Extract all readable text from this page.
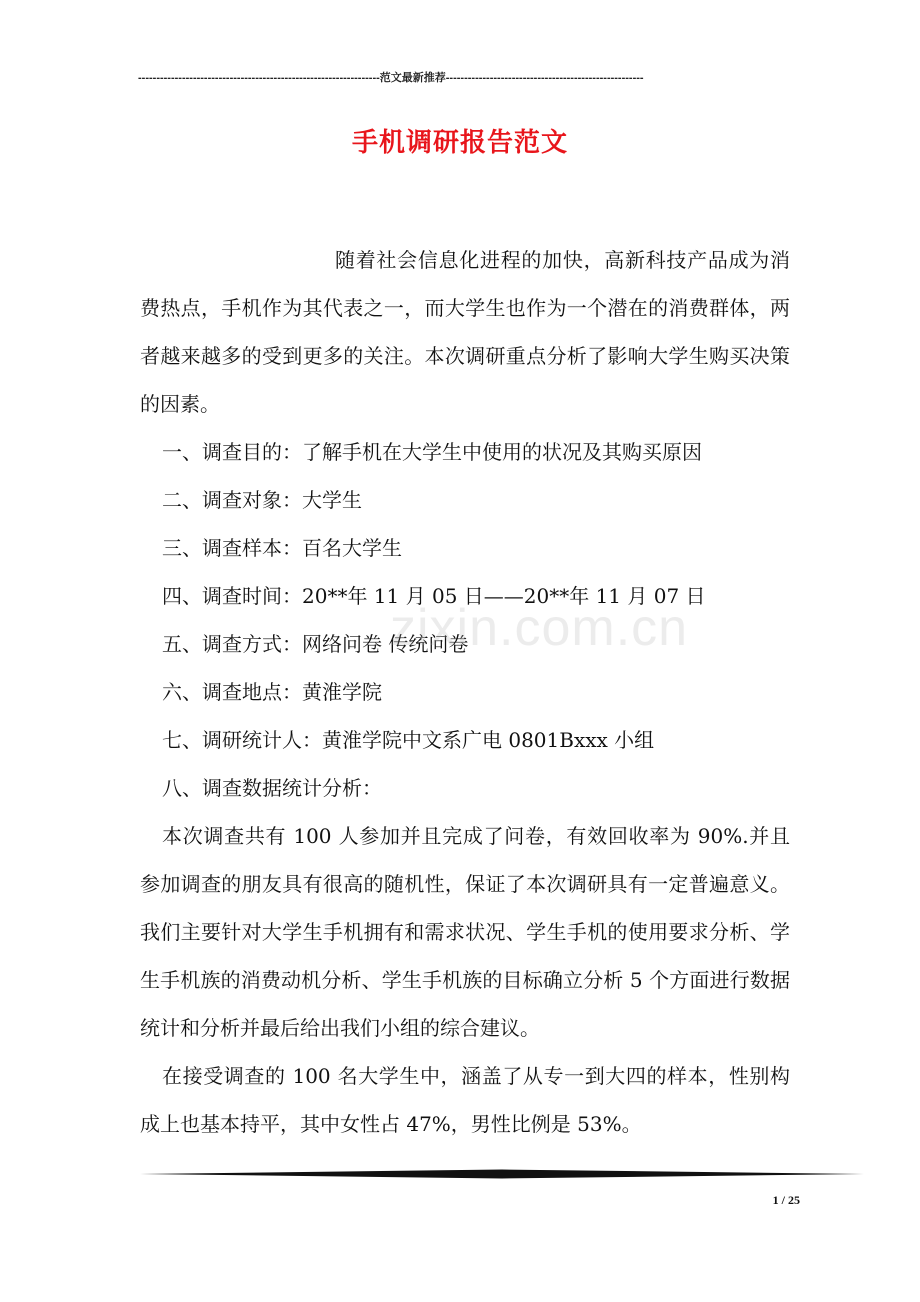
------------------------------------------------------------------范文最新推荐------------------------------------------------------
手机调研报告范文

随着社会信息化进程的加快，高新科技产品成为消费热点，手机作为其代表之一，而大学生也作为一个潜在的消费群体，两者越来越多的受到更多的关注。本次调研重点分析了影响大学生购买决策的因素。

一、调查目的：了解手机在大学生中使用的状况及其购买原因

二、调查对象：大学生

三、调查样本：百名大学生

四、调查时间：20**年 11 月 05 日——20**年 11 月 07 日

五、调查方式：网络问卷 传统问卷

六、调查地点：黄淮学院

七、调研统计人：黄淮学院中文系广电 0801Bxxx 小组

八、调查数据统计分析：

本次调查共有 100 人参加并且完成了问卷，有效回收率为 90%.并且参加调查的朋友具有很高的随机性，保证了本次调研具有一定普遍意义。我们主要针对大学生手机拥有和需求状况、学生手机的使用要求分析、学生手机族的消费动机分析、学生手机族的目标确立分析 5 个方面进行数据统计和分析并最后给出我们小组的综合建议。

在接受调查的 100 名大学生中，涵盖了从专一到大四的样本，性别构成上也基本持平，其中女性占 47%，男性比例是 53%。

zixin.com.cn
1 / 25
